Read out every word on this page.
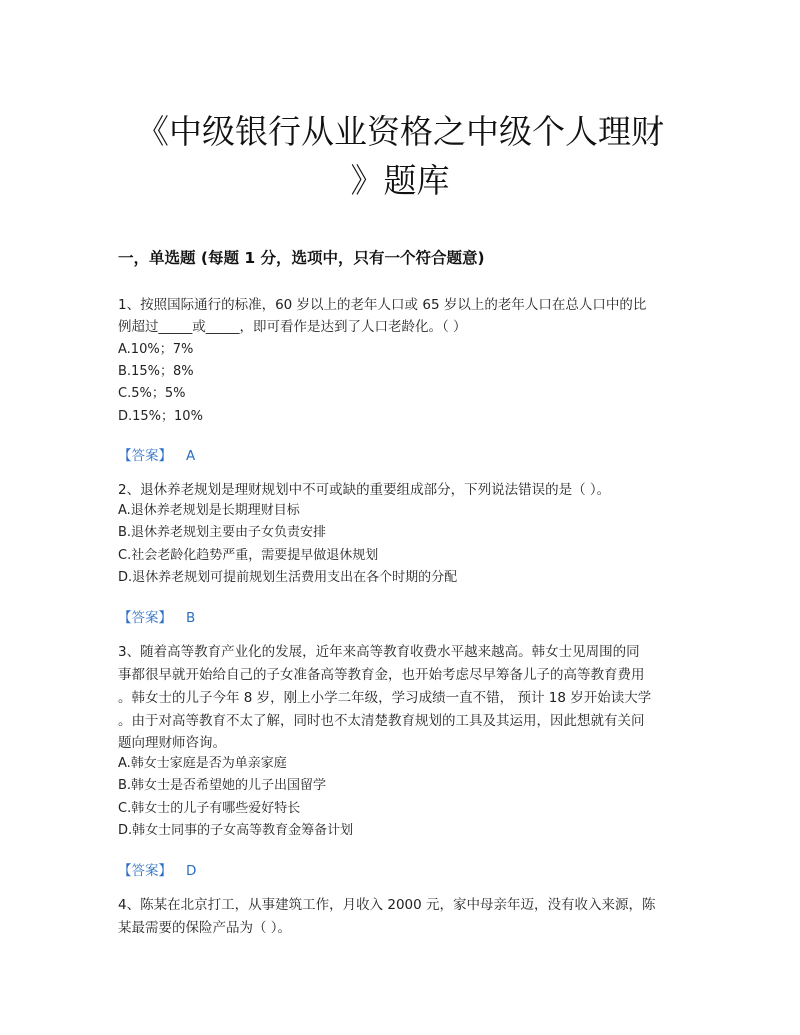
《中级银行从业资格之中级个人理财
》题库
一，单选题 (每题 1 分，选项中，只有一个符合题意)
1、按照国际通行的标准，60 岁以上的老年人口或 65 岁以上的老年人口在总人口中的比
例超过_____或_____，即可看作是达到了人口老龄化。（ ）
A.10%；7%
B.15%；8%
C.5%；5%
D.15%；10%
【答案】 A
2、退休养老规划是理财规划中不可或缺的重要组成部分，下列说法错误的是（ ）。
A.退休养老规划是长期理财目标
B.退休养老规划主要由子女负责安排
C.社会老龄化趋势严重，需要提早做退休规划
D.退休养老规划可提前规划生活费用支出在各个时期的分配
【答案】 B
3、随着高等教育产业化的发展，近年来高等教育收费水平越来越高。韩女士见周围的同
事都很早就开始给自己的子女准备高等教育金，也开始考虑尽早筹备儿子的高等教育费用
。韩女士的儿子今年 8 岁，刚上小学二年级，学习成绩一直不错， 预计 18 岁开始读大学
。由于对高等教育不太了解，同时也不太清楚教育规划的工具及其运用，因此想就有关问
题向理财师咨询。
A.韩女士家庭是否为单亲家庭
B.韩女士是否希望她的儿子出国留学
C.韩女士的儿子有哪些爱好特长
D.韩女士同事的子女高等教育金筹备计划
【答案】 D
4、陈某在北京打工，从事建筑工作，月收入 2000 元，家中母亲年迈，没有收入来源，陈
某最需要的保险产品为（ ）。
